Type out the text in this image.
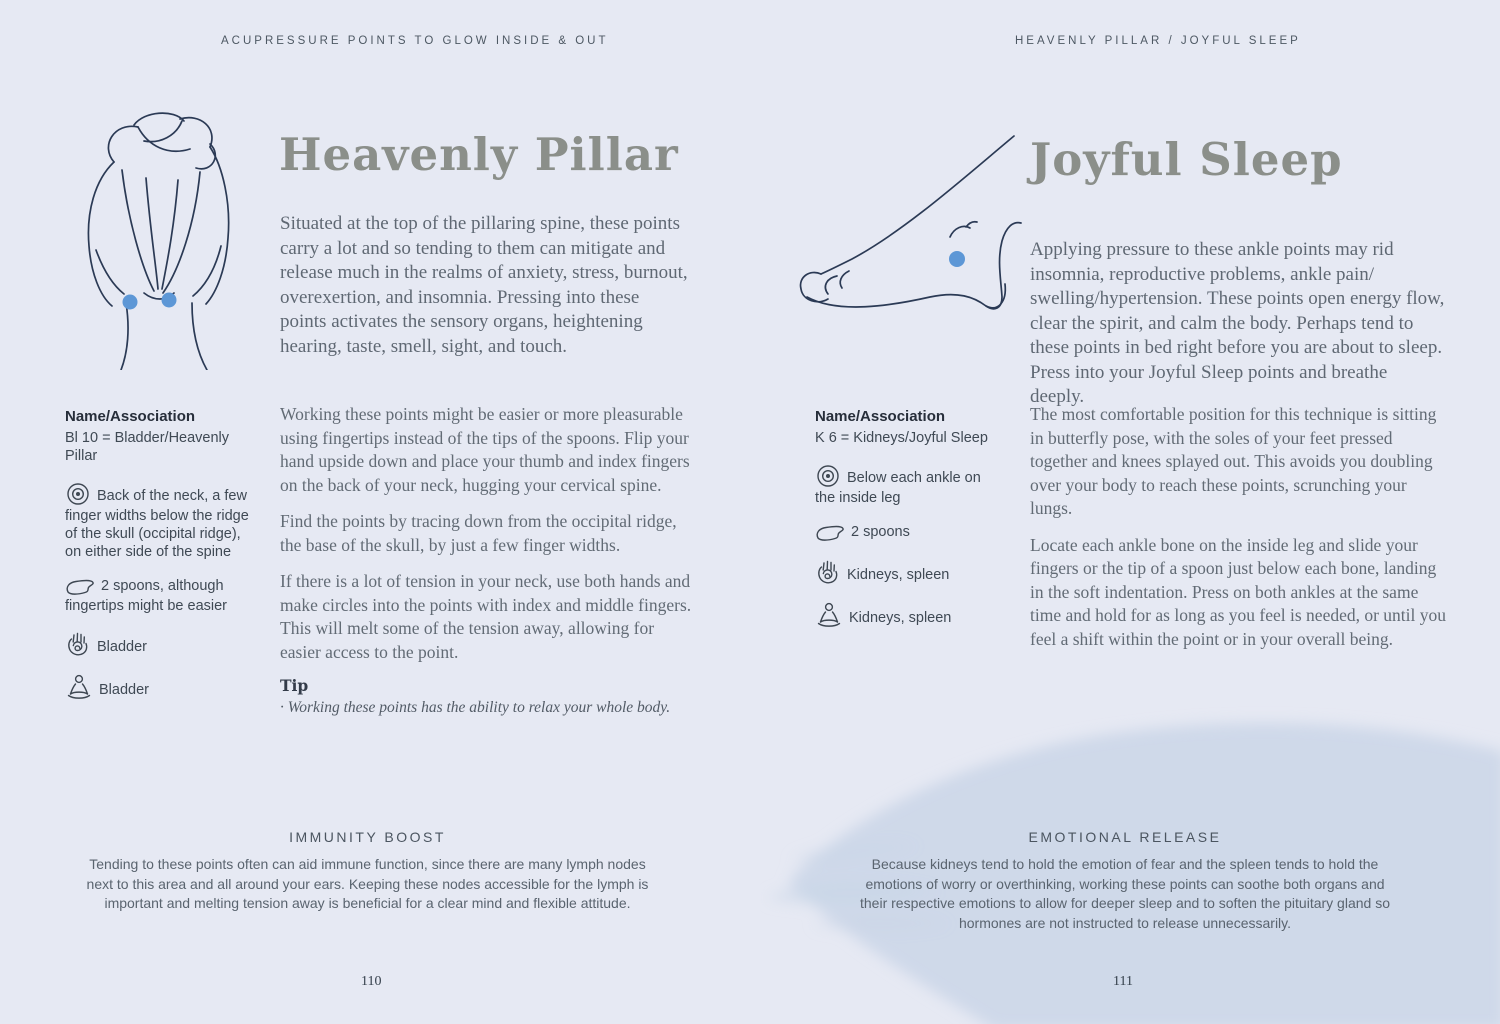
ACUPRESSURE POINTS TO GLOW INSIDE & OUT
Heavenly Pillar
Situated at the top of the pillaring spine, these points carry a lot and so tending to them can mitigate and release much in the realms of anxiety, stress, burnout, overexertion, and insomnia. Pressing into these points activates the sensory organs, heightening hearing, taste, smell, sight, and touch.

Name/Association

Bl 10 = Bladder/Heavenly Pillar

Back of the neck, a few finger widths below the ridge of the skull (occipital ridge), on either side of the spine
2 spoons, although fingertips might be easier
Bladder
Bladder

Working these points might be easier or more pleasurable using fingertips instead of the tips of the spoons. Flip your hand upside down and place your thumb and index fingers on the back of your neck, hugging your cervical spine.

Find the points by tracing down from the occipital ridge, the base of the skull, by just a few finger widths.

If there is a lot of tension in your neck, use both hands and make circles into the points with index and middle fingers. This will melt some of the tension away, allowing for easier access to the point.

Tip

· Working these points has the ability to relax your whole body.

IMMUNITY BOOST

Tending to these points often can aid immune function, since there are many lymph nodes next to this area and all around your ears. Keeping these nodes accessible for the lymph is important and melting tension away is beneficial for a clear mind and flexible attitude.

110
HEAVENLY PILLAR / JOYFUL SLEEP
Joyful Sleep
Applying pressure to these ankle points may rid insomnia, reproductive problems, ankle pain/ swelling/hypertension. These points open energy flow, clear the spirit, and calm the body. Perhaps tend to these points in bed right before you are about to sleep. Press into your Joyful Sleep points and breathe deeply.

Name/Association

K 6 = Kidneys/Joyful Sleep

Below each ankle on the inside leg
2 spoons
Kidneys, spleen
Kidneys, spleen

The most comfortable position for this technique is sitting in butterfly pose, with the soles of your feet pressed together and knees splayed out. This avoids you doubling over your body to reach these points, scrunching your lungs.

Locate each ankle bone on the inside leg and slide your fingers or the tip of a spoon just below each bone, landing in the soft indentation. Press on both ankles at the same time and hold for as long as you feel is needed, or until you feel a shift within the point or in your overall being.

EMOTIONAL RELEASE

Because kidneys tend to hold the emotion of fear and the spleen tends to hold the emotions of worry or overthinking, working these points can soothe both organs and their respective emotions to allow for deeper sleep and to soften the pituitary gland so hormones are not instructed to release unnecessarily.

111
